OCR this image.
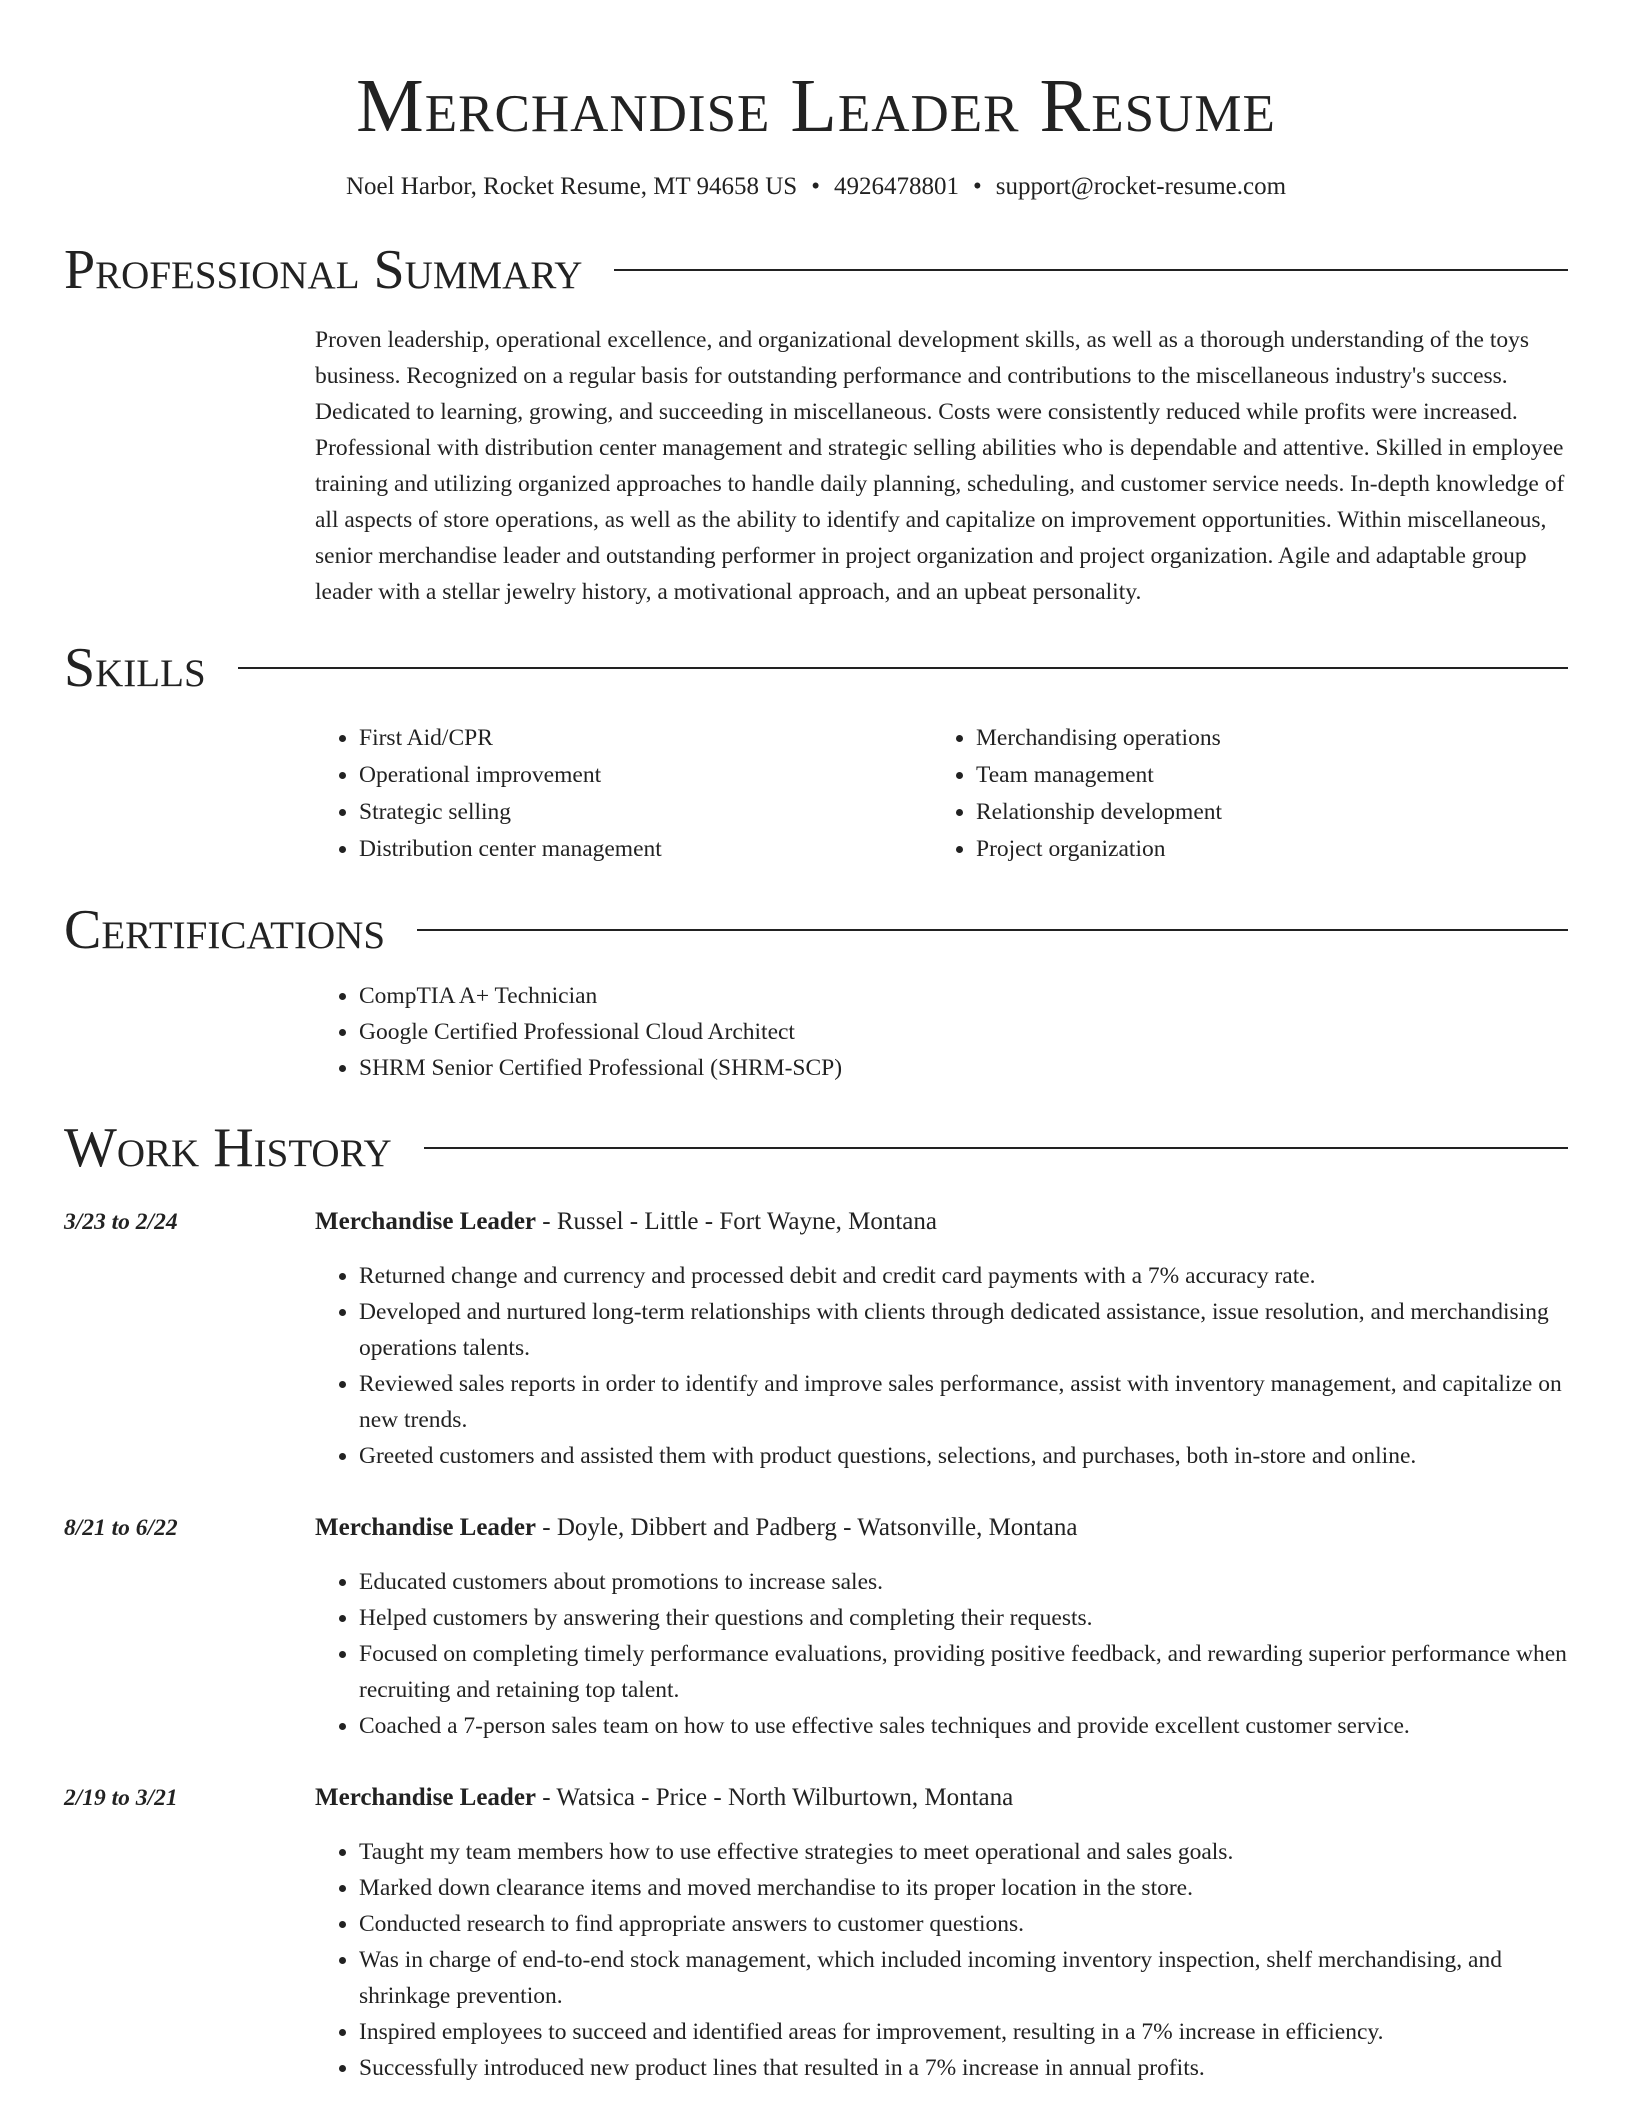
Merchandise Leader Resume
Noel Harbor, Rocket Resume, MT 94658 US • 4926478801 • support@rocket-resume.com
Professional Summary
Proven leadership, operational excellence, and organizational development skills, as well as a thorough understanding of the toys business. Recognized on a regular basis for outstanding performance and contributions to the miscellaneous industry's success. Dedicated to learning, growing, and succeeding in miscellaneous. Costs were consistently reduced while profits were increased. Professional with distribution center management and strategic selling abilities who is dependable and attentive. Skilled in employee training and utilizing organized approaches to handle daily planning, scheduling, and customer service needs. In-depth knowledge of all aspects of store operations, as well as the ability to identify and capitalize on improvement opportunities. Within miscellaneous, senior merchandise leader and outstanding performer in project organization and project organization. Agile and adaptable group leader with a stellar jewelry history, a motivational approach, and an upbeat personality.
Skills
• First Aid/CPR
• Operational improvement
• Strategic selling
• Distribution center management
• Merchandising operations
• Team management
• Relationship development
• Project organization
Certifications
• CompTIA A+ Technician
• Google Certified Professional Cloud Architect
• SHRM Senior Certified Professional (SHRM-SCP)
Work History
3/23 to 2/24	Merchandise Leader - Russel - Little - Fort Wayne, Montana
• Returned change and currency and processed debit and credit card payments with a 7% accuracy rate.
• Developed and nurtured long-term relationships with clients through dedicated assistance, issue resolution, and merchandising operations talents.
• Reviewed sales reports in order to identify and improve sales performance, assist with inventory management, and capitalize on new trends.
• Greeted customers and assisted them with product questions, selections, and purchases, both in-store and online.
8/21 to 6/22	Merchandise Leader - Doyle, Dibbert and Padberg - Watsonville, Montana
• Educated customers about promotions to increase sales.
• Helped customers by answering their questions and completing their requests.
• Focused on completing timely performance evaluations, providing positive feedback, and rewarding superior performance when recruiting and retaining top talent.
• Coached a 7-person sales team on how to use effective sales techniques and provide excellent customer service.
2/19 to 3/21	Merchandise Leader - Watsica - Price - North Wilburtown, Montana
• Taught my team members how to use effective strategies to meet operational and sales goals.
• Marked down clearance items and moved merchandise to its proper location in the store.
• Conducted research to find appropriate answers to customer questions.
• Was in charge of end-to-end stock management, which included incoming inventory inspection, shelf merchandising, and shrinkage prevention.
• Inspired employees to succeed and identified areas for improvement, resulting in a 7% increase in efficiency.
• Successfully introduced new product lines that resulted in a 7% increase in annual profits.
